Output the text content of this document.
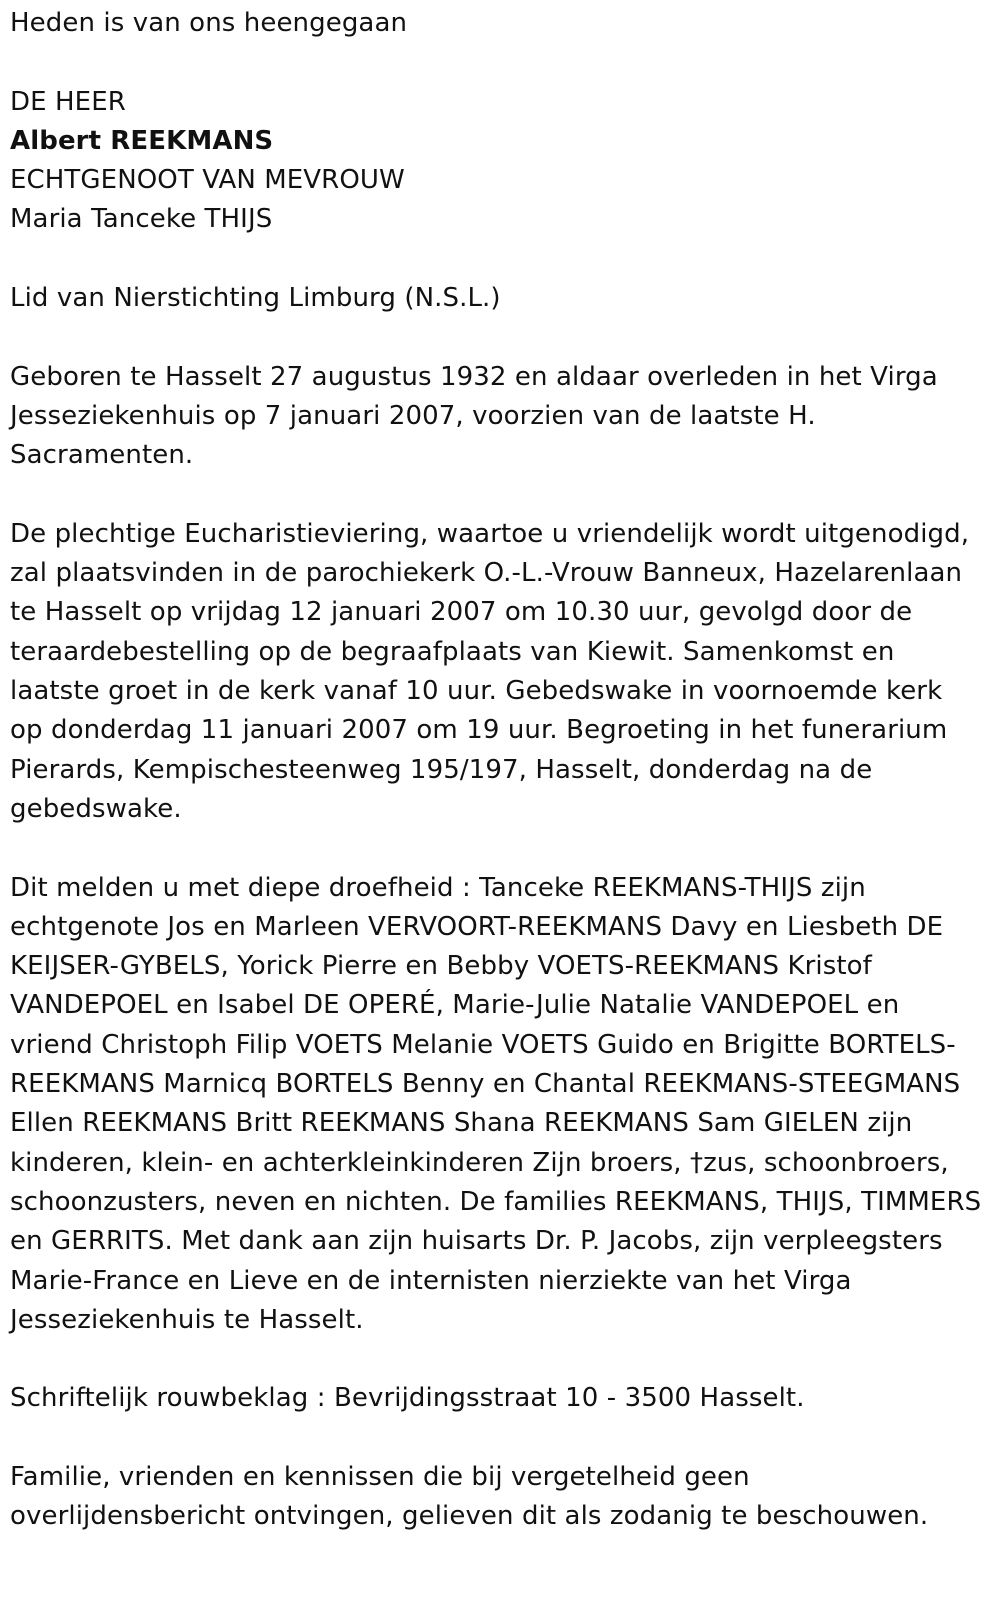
Heden is van ons heengegaan
DE HEER
Albert REEKMANS
ECHTGENOOT VAN MEVROUW
Maria Tanceke THIJS
Lid van Nierstichting Limburg (N.S.L.)
Geboren te Hasselt 27 augustus 1932 en aldaar overleden in het Virga
Jesseziekenhuis op 7 januari 2007, voorzien van de laatste H.
Sacramenten.
De plechtige Eucharistieviering, waartoe u vriendelijk wordt uitgenodigd,
zal plaatsvinden in de parochiekerk O.-L.-Vrouw Banneux, Hazelarenlaan
te Hasselt op vrijdag 12 januari 2007 om 10.30 uur, gevolgd door de
teraardebestelling op de begraafplaats van Kiewit. Samenkomst en
laatste groet in de kerk vanaf 10 uur. Gebedswake in voornoemde kerk
op donderdag 11 januari 2007 om 19 uur. Begroeting in het funerarium
Pierards, Kempischesteenweg 195/197, Hasselt, donderdag na de
gebedswake.
Dit melden u met diepe droefheid : Tanceke REEKMANS-THIJS zijn
echtgenote Jos en Marleen VERVOORT-REEKMANS Davy en Liesbeth DE
KEIJSER-GYBELS, Yorick Pierre en Bebby VOETS-REEKMANS Kristof
VANDEPOEL en Isabel DE OPERÉ, Marie-Julie Natalie VANDEPOEL en
vriend Christoph Filip VOETS Melanie VOETS Guido en Brigitte BORTELS-
REEKMANS Marnicq BORTELS Benny en Chantal REEKMANS-STEEGMANS
Ellen REEKMANS Britt REEKMANS Shana REEKMANS Sam GIELEN zijn
kinderen, klein- en achterkleinkinderen Zijn broers, †zus, schoonbroers,
schoonzusters, neven en nichten. De families REEKMANS, THIJS, TIMMERS
en GERRITS. Met dank aan zijn huisarts Dr. P. Jacobs, zijn verpleegsters
Marie-France en Lieve en de internisten nierziekte van het Virga
Jesseziekenhuis te Hasselt.
Schriftelijk rouwbeklag : Bevrijdingsstraat 10 - 3500 Hasselt.
Familie, vrienden en kennissen die bij vergetelheid geen
overlijdensbericht ontvingen, gelieven dit als zodanig te beschouwen.
